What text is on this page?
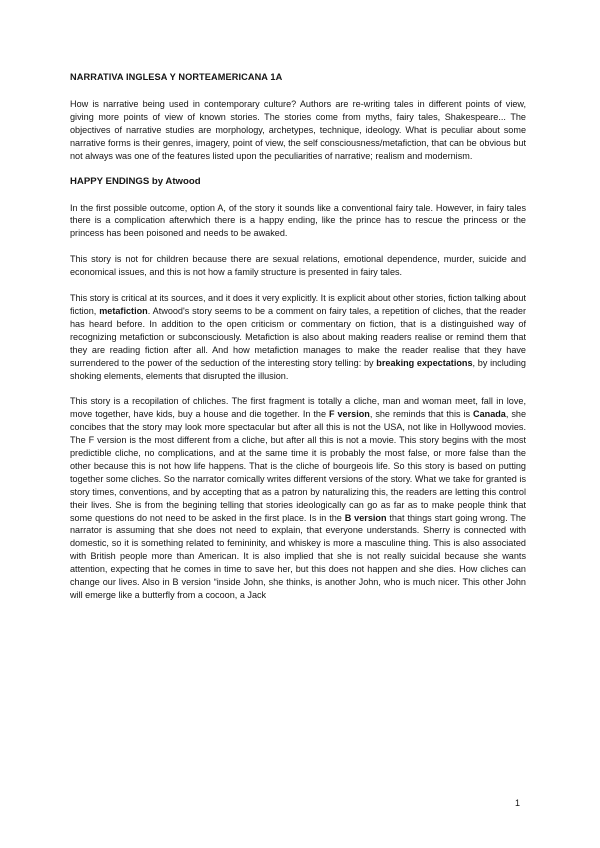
NARRATIVA INGLESA Y NORTEAMERICANA 1A

How is narrative being used in contemporary culture? Authors are re-writing tales in different points of view, giving more points of view of known stories. The stories come from myths, fairy tales, Shakespeare... The objectives of narrative studies are morphology, archetypes, technique, ideology. What is peculiar about some narrative forms is their genres, imagery, point of view, the self consciousness/metafiction, that can be obvious but not always was one of the features listed upon the peculiarities of narrative; realism and modernism.

HAPPY ENDINGS by Atwood

In the first possible outcome, option A, of the story it sounds like a conventional fairy tale. However, in fairy tales there is a complication afterwhich there is a happy ending, like the prince has to rescue the princess or the princess has been poisoned and needs to be awaked.

This story is not for children because there are sexual relations, emotional dependence, murder, suicide and economical issues, and this is not how a family structure is presented in fairy tales.

This story is critical at its sources, and it does it very explicitly. It is explicit about other stories, fiction talking about fiction, metafiction. Atwood's story seems to be a comment on fairy tales, a repetition of cliches, that the reader has heard before. In addition to the open criticism or commentary on fiction, that is a distinguished way of recognizing metafiction or subconsciously. Metafiction is also about making readers realise or remind them that they are reading fiction after all. And how metafiction manages to make the reader realise that they have surrendered to the power of the seduction of the interesting story telling: by breaking expectations, by including shoking elements, elements that disrupted the illusion.

This story is a recopilation of chliches. The first fragment is totally a cliche, man and woman meet, fall in love, move together, have kids, buy a house and die together. In the F version, she reminds that this is Canada, she concibes that the story may look more spectacular but after all this is not the USA, not like in Hollywood movies. The F version is the most different from a cliche, but after all this is not a movie. This story begins with the most predictible cliche, no complications, and at the same time it is probably the most false, or more false than the other because this is not how life happens. That is the cliche of bourgeois life. So this story is based on putting together some cliches. So the narrator comically writes different versions of the story. What we take for granted is story times, conventions, and by accepting that as a patron by naturalizing this, the readers are letting this control their lives. She is from the begining telling that stories ideologically can go as far as to make people think that some questions do not need to be asked in the first place. Is in the B version that things start going wrong. The narrator is assuming that she does not need to explain, that everyone understands. Sherry is connected with domestic, so it is something related to femininity, and whiskey is more a masculine thing. This is also associated with British people more than American. It is also implied that she is not really suicidal because she wants attention, expecting that he comes in time to save her, but this does not happen and she dies. How cliches can change our lives. Also in B version “inside John, she thinks, is another John, who is much nicer. This other John will emerge like a butterfly from a cocoon, a Jack

1
